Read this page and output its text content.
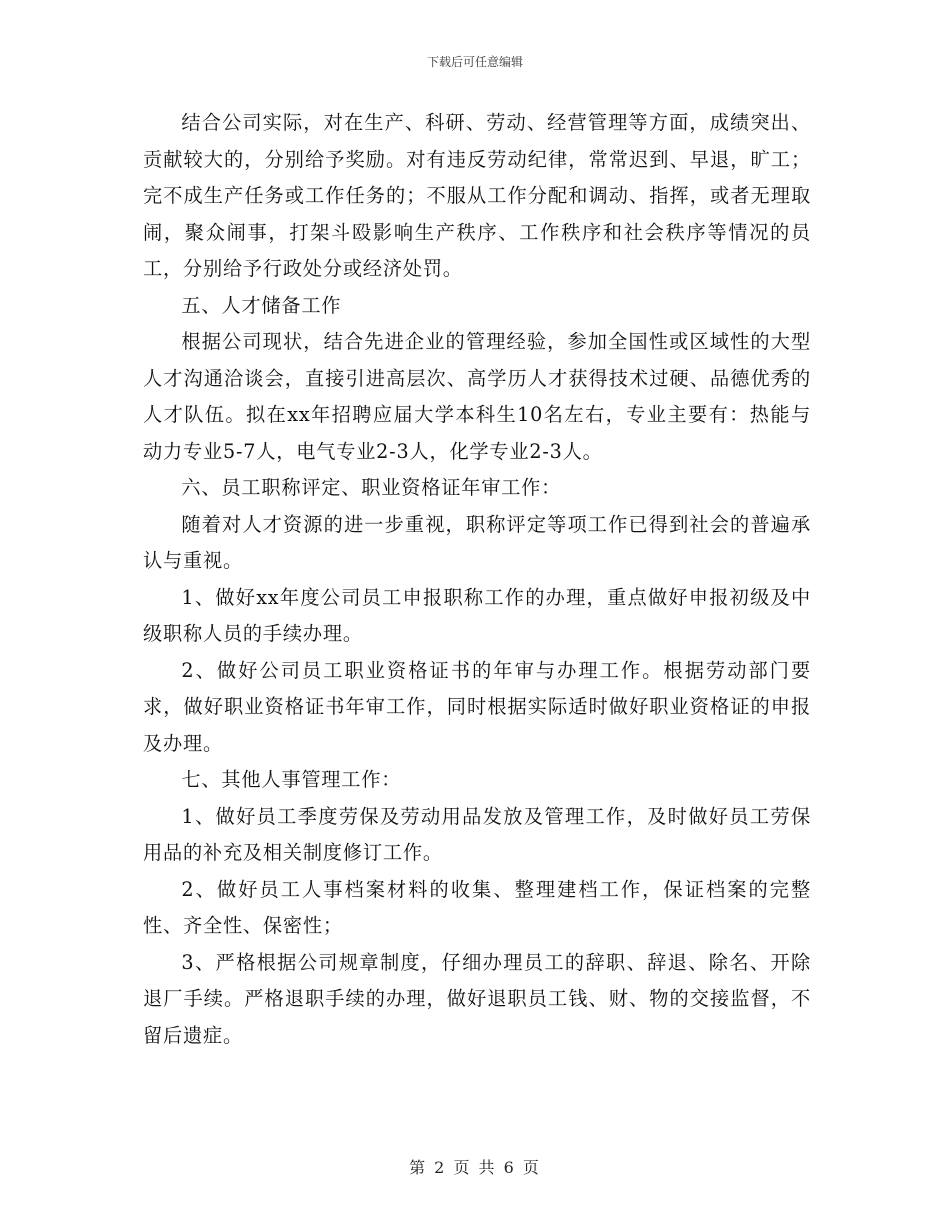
下载后可任意编辑

结合公司实际，对在生产、科研、劳动、经营管理等方面，成绩突出、贡献较大的，分别给予奖励。对有违反劳动纪律，常常迟到、早退，旷工；完不成生产任务或工作任务的；不服从工作分配和调动、指挥，或者无理取闹，聚众闹事，打架斗殴影响生产秩序、工作秩序和社会秩序等情况的员工，分别给予行政处分或经济处罚。

五、人才储备工作

根据公司现状，结合先进企业的管理经验，参加全国性或区域性的大型人才沟通洽谈会，直接引进高层次、高学历人才获得技术过硬、品德优秀的人才队伍。拟在xx年招聘应届大学本科生10名左右，专业主要有：热能与动力专业5-7人，电气专业2-3人，化学专业2-3人。

六、员工职称评定、职业资格证年审工作：

随着对人才资源的进一步重视，职称评定等项工作已得到社会的普遍承认与重视。

1、做好xx年度公司员工申报职称工作的办理，重点做好申报初级及中级职称人员的手续办理。

2、做好公司员工职业资格证书的年审与办理工作。根据劳动部门要求，做好职业资格证书年审工作，同时根据实际适时做好职业资格证的申报及办理。

七、其他人事管理工作：

1、做好员工季度劳保及劳动用品发放及管理工作，及时做好员工劳保用品的补充及相关制度修订工作。

2、做好员工人事档案材料的收集、整理建档工作，保证档案的完整性、齐全性、保密性；

3、严格根据公司规章制度，仔细办理员工的辞职、辞退、除名、开除退厂手续。严格退职手续的办理，做好退职员工钱、财、物的交接监督，不留后遗症。

第 2 页 共 6 页
